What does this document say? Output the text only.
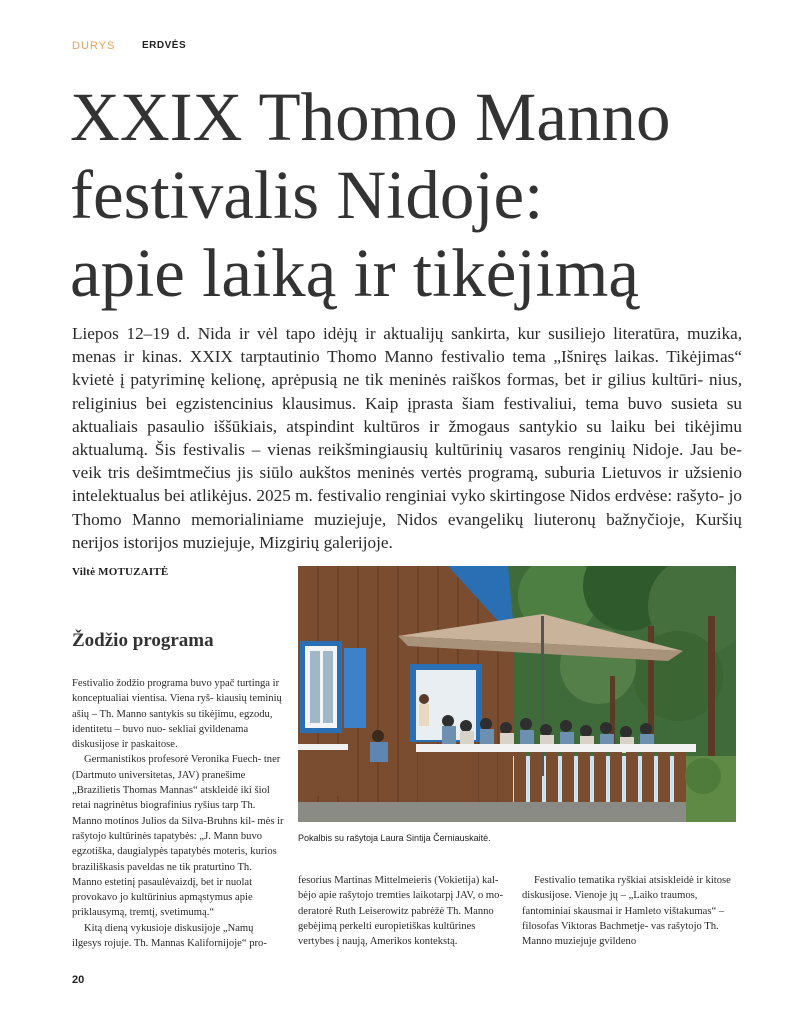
DURYS	ERDVĖS
XXIX Thomo Manno
festivalis Nidoje:
apie laiką ir tikėjimą

Liepos 12–19 d. Nida ir vėl tapo idėjų ir aktualijų sankirta, kur susiliejo literatūra, muzika, menas ir kinas. XXIX tarptautinio Thomo Manno festivalio tema „Išniręs laikas. Tikėjimas“ kvietė į patyriminę kelionę, aprėpusią ne tik meninės raiškos formas, bet ir gilius kultūri- nius, religinius bei egzistencinius klausimus. Kaip įprasta šiam festivaliui, tema buvo susieta su aktualiais pasaulio iššūkiais, atspindint kultūros ir žmogaus santykio su laiku bei tikėjimu aktualumą. Šis festivalis – vienas reikšmingiausių kultūrinių vasaros renginių Nidoje. Jau be- veik tris dešimtmečius jis siūlo aukštos meninės vertės programą, suburia Lietuvos ir užsienio intelektualus bei atlikėjus. 2025 m. festivalio renginiai vyko skirtingose Nidos erdvėse: rašyto- jo Thomo Manno memorialiniame muziejuje, Nidos evangelikų liuteronų bažnyčioje, Kuršių nerijos istorijos muziejuje, Mizgirių galerijoje.

Viltė MOTUZAITĖ
Žodžio programa

Festivalio žodžio programa buvo ypač turtinga ir konceptualiai vientisa. Viena ryš- kiausių teminių ašių – Th. Manno santykis su tikėjimu, egzodu, identitetu – buvo nuo- sekliai gvildenama diskusijose ir paskaitose.

Germanistikos profesorė Veronika Fuech- tner (Dartmuto universitetas, JAV) pranešime „Brazilietis Thomas Mannas“ atskleidė iki šiol retai nagrinėtus biografinius ryšius tarp Th. Manno motinos Julios da Silva-Bruhns kil- mės ir rašytojo kultūrinės tapatybės: „J. Mann buvo egzotiška, daugialypės tapatybės moteris, kurios braziliškasis paveldas ne tik praturtino Th. Manno estetinį pasaulėvaizdį, bet ir nuolat provokavo jo kultūrinius apmąstymus apie priklausymą, tremtį, svetimumą.“

Kitą dieną vykusioje diskusijoje „Namų ilgesys rojuje. Th. Mannas Kalifornijoje“ pro-

Pokalbis su rašytoja Laura Sintija Černiauskaitė.

fesorius Martinas Mittelmeieris (Vokietija) kal- bėjo apie rašytojo tremties laikotarpį JAV, o mo- deratorė Ruth Leiserowitz pabrėžė Th. Manno gebėjimą perkelti europietiškas kultūrines vertybes į naują, Amerikos kontekstą.

Festivalio tematika ryškiai atsiskleidė ir kitose diskusijose. Vienoje jų – „Laiko traumos, fantominiai skausmai ir Hamleto vištakumas“ – filosofas Viktoras Bachmetje- vas rašytojo Th. Manno muziejuje gvildeno

20
